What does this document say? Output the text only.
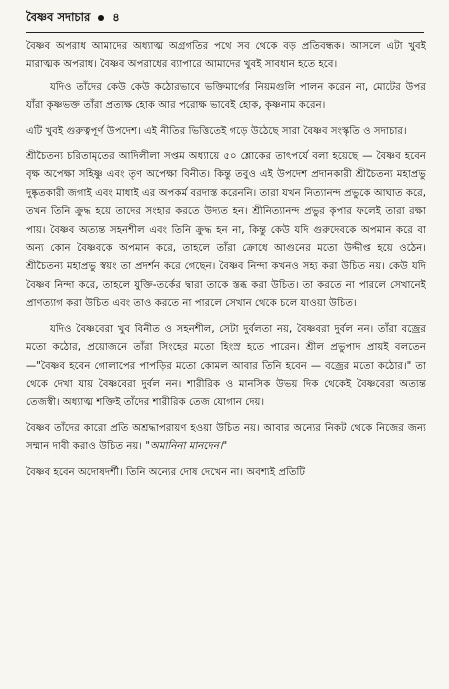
বৈষ্ণব সদাচার ৪

বৈষ্ণব অপরাধ আমাদের অধ্যাত্ম অগ্রগতির পথে সব থেকে বড় প্রতিবন্ধক। আসলে এটা খুবই মারাত্মক অপরাধ। বৈষ্ণব অপরাধের ব্যাপারে আমাদের খুবই সাবধান হতে হবে।

যদিও তাঁদের কেউ কেউ কঠোরভাবে ভক্তিমার্গের নিয়মগুলি পালন করেন না, মোটের উপর যাঁরা কৃষ্ণভক্ত তাঁরা প্রত্যক্ষ হোক আর পরোক্ষ ভাবেই হোক, কৃষ্ণনাম করেন।

এটি খুবই গুরুত্বপূর্ণ উপদেশ। এই নীতির ভিত্তিতেই গড়ে উঠেছে সারা বৈষ্ণব সংস্কৃতি ও সদাচার।

শ্রীচৈতন্য চরিতামৃতের আদিলীলা সপ্তম অধ্যায়ে ৫০ শ্লোকের তাৎপর্যে বলা হয়েছে — বৈষ্ণব হবেন বৃক্ষ অপেক্ষা সহিষ্ণু এবং তৃণ অপেক্ষা বিনীত। কিন্তু তবুও এই উপদেশ প্রদানকারী শ্রীচৈতন্য মহাপ্রভু দুষ্কৃতকারী জগাই এবং মাধাই এর অপকর্ম বরদাস্ত করেননি। তারা যখন নিত্যানন্দ প্রভুকে আঘাত করে, তখন তিনি ক্রুদ্ধ হয়ে তাদের সংহার করতে উদ্যত হন। শ্রীনিত্যানন্দ প্রভুর কৃপার ফলেই তারা রক্ষা পায়। বৈষ্ণব অত্যন্ত সহনশীল এবং তিনি ক্রুদ্ধ হন না, কিন্তু কেউ যদি গুরুদেবকে অপমান করে বা অন্য কোন বৈষ্ণবকে অপমান করে, তাহলে তাঁরা ক্রোধে আগুনের মতো উদ্দীপ্ত হয়ে ওঠেন। শ্রীচৈতন্য মহাপ্রভু স্বয়ং তা প্রদর্শন করে গেছেন। বৈষ্ণব নিন্দা কখনও সহ্য করা উচিত নয়। কেউ যদি বৈষ্ণব নিন্দা করে, তাহলে যুক্তি-তর্কের দ্বারা তাকে স্তব্ধ করা উচিত। তা করতে না পারলে সেখানেই প্রাণত্যাগ করা উচিত এবং তাও করতে না পারলে সেখান থেকে চলে যাওয়া উচিত।

যদিও বৈষ্ণবেরা খুব বিনীত ও সহনশীল, সেটা দুর্বলতা নয়, বৈষ্ণবরা দুর্বল নন। তাঁরা বজ্রের মতো কঠোর, প্রয়োজনে তাঁরা সিংহের মতো হিংস্র হতে পারেন। শ্রীল প্রভুপাদ প্রায়ই বলতেন —"বৈষ্ণব হবেন গোলাপের পাপড়ির মতো কোমল আবার তিনি হবেন — বজ্রের মতো কঠোর।" তা থেকে দেখা যায় বৈষ্ণবেরা দুর্বল নন। শারীরিক ও মানসিক উভয় দিক থেকেই বৈষ্ণবেরা অত্যন্ত তেজস্বী। অধ্যাত্ম শক্তিই তাঁদের শারীরিক তেজ যোগান দেয়।

বৈষ্ণব তাঁদের কারো প্রতি অশ্রদ্ধাপরায়ণ হওয়া উচিত নয়। আবার অন্যের নিকট থেকে নিজের জন্য সম্মান দাবী করাও উচিত নয়। "অমানিনা মানদেন।"

বৈষ্ণব হবেন অদোষদর্শী। তিনি অন্যের দোষ দেখেন না। অবশ্যই প্রতিটি
